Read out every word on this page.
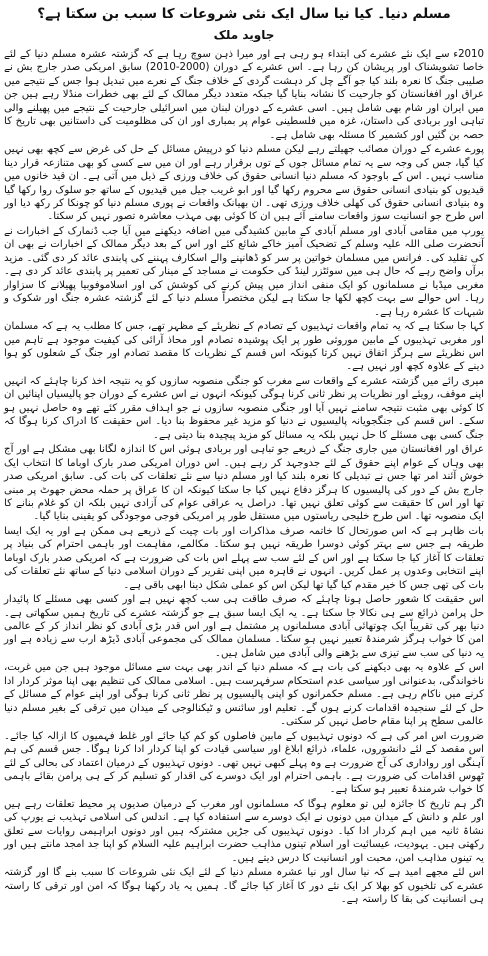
مسلم دنیا۔ کیا نیا سال ایک نئی شروعات کا سبب بن سکتا ہے؟
جاوید ملک

2010ء سے ایک نئے عشرے کی ابتداء ہو رہی ہے اور میرا ذہن سوچ رہا ہے کہ گزشتہ عشرہ مسلم دنیا کے لئے خاصا تشویشناک اور پریشان کن رہا ہے۔ اس عشرے کے دوران (2000-2010) سابق امریکی صدر جارج بش نے صلیبی جنگ کا نعرہ بلند کیا جو آگے چل کر دہشت گردی کے خلاف جنگ کے نعرے میں تبدیل ہوا جس کے نتیجے میں عراق اور افغانستان کو جارحیت کا نشانہ بنایا گیا جبکہ متعدد دیگر ممالک کے لئے بھی خطرات منڈلا رہے ہیں جن میں ایران اور شام بھی شامل ہیں۔ اسی عشرے کے دوران لبنان میں اسرائیلی جارحیت کے نتیجے میں پھیلنے والی تباہی اور بربادی کی داستان، غزہ میں فلسطینی عوام پر بمباری اور ان کی مظلومیت کی داستانیں بھی تاریخ کا حصہ بن گئیں اور کشمیر کا مسئلہ بھی شامل ہے۔

پورے عشرے کے دوران مصائب جھیلتے رہے لیکن مسلم دنیا کو درپیش مسائل کے حل کی غرض سے کچھ بھی نہیں کیا گیا، جس کی وجہ سے یہ تمام مسائل جوں کے توں برقرار رہے اور ان میں سے کسی کو بھی متنازعہ قرار دینا مناسب نہیں۔ اس کے باوجود کہ مسلم دنیا انسانی حقوق کی خلاف ورزی کے ذیل میں آتی ہے۔ ان قید خانوں میں قیدیوں کو بنیادی انسانی حقوق سے محروم رکھا گیا اور ابو غریب جیل میں قیدیوں کے ساتھ جو سلوک روا رکھا گیا وہ بنیادی انسانی حقوق کی کھلی خلاف ورزی تھی۔ ان بھیانک واقعات نے پوری مسلم دنیا کو چونکا کر رکھ دیا اور اس طرح جو انسانیت سوز واقعات سامنے آئے ہیں ان کا کوئی بھی مہذب معاشرہ تصور نہیں کر سکتا۔

یورپ میں مقامی آبادی اور مسلم آبادی کے مابین کشیدگی میں اضافہ دیکھنے میں آیا جب ڈنمارک کے اخبارات نے آنحضرت صلی اللہ علیہ وسلم کے تضحیک آمیز خاکے شائع کئے اور اس کے بعد دیگر ممالک کے اخبارات نے بھی ان کی تقلید کی۔ فرانس میں مسلمان خواتین پر سر کو ڈھانپنے والے اسکارف پہننے کی پابندی عائد کر دی گئی۔ مزید برآں واضح رہے کہ حال ہی میں سوئٹزر لینڈ کی حکومت نے مساجد کے مینار کی تعمیر پر پابندی عائد کر دی ہے۔ مغربی میڈیا نے مسلمانوں کو ایک منفی انداز میں پیش کرنے کی کوشش کی اور اسلاموفوبیا پھیلانے کا سزاوار رہا۔ اس حوالے سے بہت کچھ لکھا جا سکتا ہے لیکن مختصراً مسلم دنیا کے لئے گزشتہ عشرہ جنگ اور شکوک و شبہات کا عشرہ رہا ہے۔

کہا جا سکتا ہے کہ یہ تمام واقعات تہذیبوں کے تصادم کے نظریئے کے مظہر تھے، جس کا مطلب یہ ہے کہ مسلمان اور مغربی تہذیبوں کے مابین موروثی طور پر ایک پوشیدہ تصادم اور محاذ آرائی کی کیفیت موجود ہے تاہم میں اس نظریئے سے ہرگز اتفاق نہیں کرتا کیونکہ اس قسم کے نظریات کا مقصد تصادم اور جنگ کے شعلوں کو ہوا دینے کے علاوہ کچھ اور نہیں ہے۔

میری رائے میں گزشتہ عشرے کے واقعات سے مغرب کو جنگی منصوبہ سازوں کو یہ نتیجہ اخذ کرنا چاہئے کہ انہیں اپنے موقف، رویئے اور نظریات پر نظر ثانی کرنا ہوگی کیونکہ انہوں نے اس عشرے کے دوران جو پالیسیاں اپنائیں ان کا کوئی بھی مثبت نتیجہ سامنے نہیں آیا اور جنگی منصوبہ سازوں نے جو اہداف مقرر کئے تھے وہ حاصل نہیں ہو سکے۔ اس قسم کی جنگجویانہ پالیسیوں نے دنیا کو مزید غیر محفوظ بنا دیا۔ اس حقیقت کا ادراک کرنا ہوگا کہ جنگ کسی بھی مسئلے کا حل نہیں بلکہ یہ مسائل کو مزید پیچیدہ بنا دیتی ہے۔

عراق اور افغانستان میں جاری جنگ کے ذریعے جو تباہی اور بربادی ہوئی اس کا اندازہ لگانا بھی مشکل ہے اور آج بھی وہاں کے عوام اپنے حقوق کے لئے جدوجہد کر رہے ہیں۔ اس دوران امریکی صدر بارک اوباما کا انتخاب ایک خوش آئند امر تھا جس نے تبدیلی کا نعرہ بلند کیا اور مسلم دنیا سے نئے تعلقات کی بات کی۔ سابق امریکی صدر جارج بش کے دور کی پالیسیوں کا ہرگز دفاع نہیں کیا جا سکتا کیونکہ ان کا عراق پر حملہ محض جھوٹ پر مبنی تھا اور اس کا حقیقت سے کوئی تعلق نہیں تھا۔ دراصل یہ عراقی عوام کی آزادی نہیں بلکہ ان کو غلام بنانے کا ایک منصوبہ تھا۔ اس طرح خلیجی ریاستوں میں مستقل طور پر امریکی فوجی موجودگی کو یقینی بنایا گیا۔

بات ظاہر ہے کہ اس صورتحال کا خاتمہ صرف مذاکرات اور بات چیت کے ذریعے ہی ممکن ہے اور یہ ایک ایسا طریقہ ہے جس سے بہتر کوئی دوسرا طریقہ نہیں ہو سکتا۔ مکالمے، مفاہمت اور باہمی احترام کی بنیاد پر تعلقات کا آغاز کیا جا سکتا ہے اور اس کے لئے سب سے پہلے اس بات کی ضرورت ہے کہ امریکی صدر بارک اوباما اپنے انتخابی وعدوں پر عمل کریں۔ انہوں نے قاہرہ میں اپنی تقریر کے دوران اسلامی دنیا کے ساتھ نئے تعلقات کی بات کی تھی جس کا خیر مقدم کیا گیا تھا لیکن اس کو عملی شکل دینا ابھی باقی ہے۔

اس حقیقت کا شعور حاصل ہونا چاہئے کہ صرف طاقت ہی سب کچھ نہیں ہے اور کسی بھی مسئلے کا پائیدار حل پرامن ذرائع سے ہی نکالا جا سکتا ہے۔ یہ ایک ایسا سبق ہے جو گزشتہ عشرے کی تاریخ ہمیں سکھاتی ہے۔ دنیا بھر کی تقریباً ایک چوتھائی آبادی مسلمانوں پر مشتمل ہے اور اس قدر بڑی آبادی کو نظر انداز کر کے عالمی امن کا خواب ہرگز شرمندۂ تعبیر نہیں ہو سکتا۔ مسلمان ممالک کی مجموعی آبادی ڈیڑھ ارب سے زیادہ ہے اور یہ دنیا کی سب سے تیزی سے بڑھنے والی آبادی میں شامل ہیں۔

اس کے علاوہ یہ بھی دیکھنے کی بات ہے کہ مسلم دنیا کے اندر بھی بہت سے مسائل موجود ہیں جن میں غربت، ناخواندگی، بدعنوانی اور سیاسی عدم استحکام سرفہرست ہیں۔ اسلامی ممالک کی تنظیم بھی اپنا موثر کردار ادا کرنے میں ناکام رہی ہے۔ مسلم حکمرانوں کو اپنی پالیسیوں پر نظر ثانی کرنا ہوگی اور اپنے عوام کے مسائل کے حل کے لئے سنجیدہ اقدامات کرنے ہوں گے۔ تعلیم اور سائنس و ٹیکنالوجی کے میدان میں ترقی کے بغیر مسلم دنیا عالمی سطح پر اپنا مقام حاصل نہیں کر سکتی۔

ضرورت اس امر کی ہے کہ دونوں تہذیبوں کے مابین فاصلوں کو کم کیا جائے اور غلط فہمیوں کا ازالہ کیا جائے۔ اس مقصد کے لئے دانشوروں، علماء، ذرائع ابلاغ اور سیاسی قیادت کو اپنا کردار ادا کرنا ہوگا۔ جس قسم کی ہم آہنگی اور رواداری کی آج ضرورت ہے وہ پہلے کبھی نہیں تھی۔ دونوں تہذیبوں کے درمیان اعتماد کی بحالی کے لئے ٹھوس اقدامات کی ضرورت ہے۔ باہمی احترام اور ایک دوسرے کی اقدار کو تسلیم کر کے ہی پرامن بقائے باہمی کا خواب شرمندۂ تعبیر ہو سکتا ہے۔

اگر ہم تاریخ کا جائزہ لیں تو معلوم ہوگا کہ مسلمانوں اور مغرب کے درمیان صدیوں پر محیط تعلقات رہے ہیں اور علم و دانش کے میدان میں دونوں نے ایک دوسرے سے استفادہ کیا ہے۔ اندلس کی اسلامی تہذیب نے یورپ کی نشاۃ ثانیہ میں اہم کردار ادا کیا۔ دونوں تہذیبوں کی جڑیں مشترکہ ہیں اور دونوں ابراہیمی روایات سے تعلق رکھتی ہیں۔ یہودیت، عیسائیت اور اسلام تینوں مذاہب حضرت ابراہیم علیہ السلام کو اپنا جد امجد مانتے ہیں اور یہ تینوں مذاہب امن، محبت اور انسانیت کا درس دیتے ہیں۔

اس لئے مجھے امید ہے کہ نیا سال اور نیا عشرہ مسلم دنیا کے لئے ایک نئی شروعات کا سبب بنے گا اور گزشتہ عشرے کی تلخیوں کو بھلا کر ایک نئے دور کا آغاز کیا جائے گا۔ ہمیں یہ یاد رکھنا ہوگا کہ امن اور ترقی کا راستہ ہی انسانیت کی بقا کا راستہ ہے۔
